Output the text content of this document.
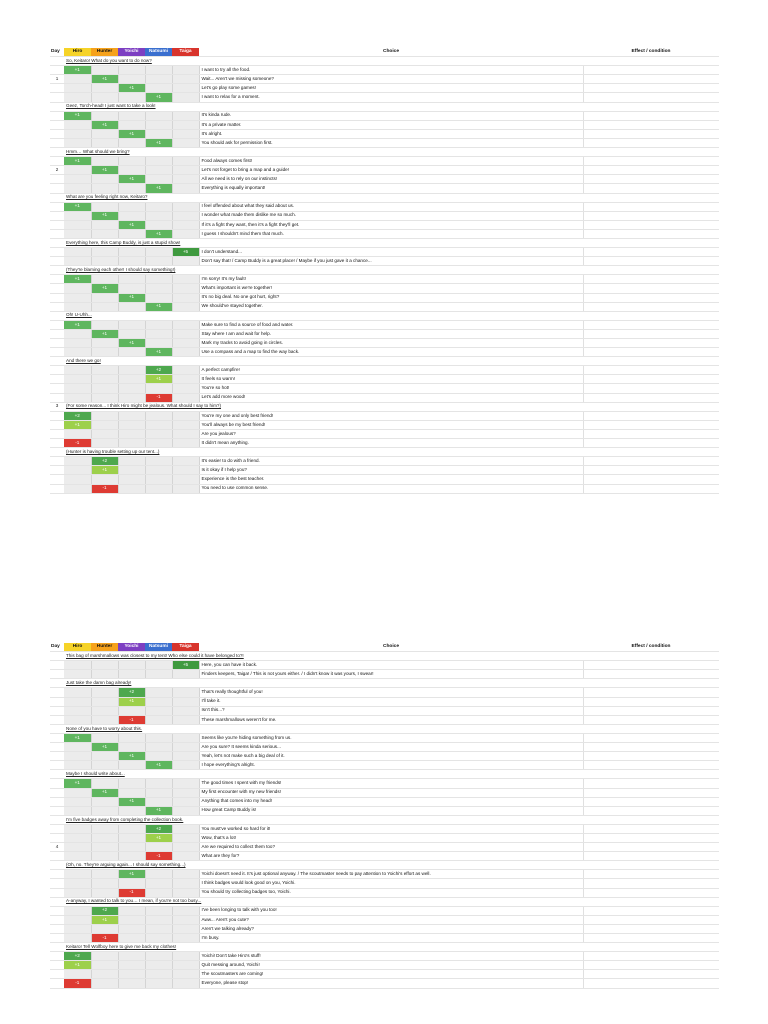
Day	Hiro	Hunter	Yoichi	Natsumi	Taiga	Choice	Effect / condition
	So, Keitaro! What do you want to do now?						
	+1					I want to try all the food.	
1		+1				Wait... Aren't we missing someone?	
			+1			Let's go play some games!	
				+1		I want to relax for a moment.	
	Geez, Torch-head! I just want to take a look!						
	+1					It's kinda rude.	
		+1				It's a private matter.	
			+1			It's alright.	
				+1		You should ask for permission first.	
	Hmm… What should we bring?						
	+1					Food always comes first!	
2		+1				Let's not forget to bring a map and a guide!	
			+1			All we need is to rely on our instincts!	
				+1		Everything is equally important!	
	What are you feeling right now, Keitaro?						
	+1					I feel offended about what they said about us.	
		+1				I wonder what made them dislike me so much.	
			+1			If it's a fight they want, then it's a fight they'll get.	
				+1		I guess I shouldn't mind them that much.	
	Everything here, this Camp Buddy, is just a stupid show!						
					+5	I don't understand...	
						Don't say that! / Camp Buddy is a great place! / Maybe if you just gave it a chance...	
	(They're blaming each other! I should say something!)						
	+1					I'm sorry! It's my fault!	
		+1				What's important is we're together!	
			+1			It's no big deal. No one got hurt, right?	
				+1		We should've stayed together.	
	Oh! U-Uhh...						
	+1					Make sure to find a source of food and water.	
		+1				Stay where I am and wait for help.	
			+1			Mark my tracks to avoid going in circles.	
				+1		Use a compass and a map to find the way back.	
	And there we go!						
				+2		A perfect campfire!	
				+1		It feels so warm!	
						You're so hot!	
				-1		Let's add more wood!	
3	(For some reason... I think Hiro might be jealous. What should I say to him?)						
	+2					You're my one and only best friend!	
	+1					You'll always be my best friend!	
						Are you jealous?	
	-1					It didn't mean anything.	
	(Hunter is having trouble setting up our tent...)						
		+2				It's easier to do with a friend.	
		+1				Is it okay if I help you?	
						Experience is the best teacher.	
		-1				You need to use common sense.	
Day	Hiro	Hunter	Yoichi	Natsumi	Taiga	Choice	Effect / condition
	This bag of marshmallows was closest to my tent! Who else could it have belonged to?!						
					+5	Here, you can have it back.	
						Finders keepers, Taiga! / This is not yours either. / I didn't know it was yours, I swear!	
	Just take the damn bag already!						
			+2			That's really thoughtful of you!	
			+1			I'll take it.	
						Isn't this...?	
			-1			These marshmallows weren't for me.	
	None of you have to worry about this.						
	+1					Seems like you're hiding something from us.	
		+1				Are you sure? It seems kinda serious...	
			+1			Yeah, let's not make such a big deal of it.	
				+1		I hope everything's alright.	
	Maybe I should write about...						
	+1					The good times I spent with my friends!	
		+1				My first encounter with my new friends!	
			+1			Anything that comes into my head!	
				+1		How great Camp Buddy is!	
	I'm five badges away from completing the collection book.						
				+2		You must've worked so hard for it!	
				+1		Wow, that's a lot!	
4						Are we required to collect them too?	
				-1		What are they for?	
	(Oh, no. They're arguing again... I should say something...)						
			+1			Yoichi doesn't need it. It's just optional anyway. / The scoutmaster needs to pay attention to Yoichi's effort as well.	
						I think badges would look good on you, Yoichi.	
			-1			You should try collecting badges too, Yoichi.	
	A-anyway, I wanted to talk to you… I mean, if you're not too busy...						
		+2				I've been longing to talk with you too!	
		+1				Aww... Aren't you cute?	
						Aren't we talking already?	
		-1				I'm busy.	
	Keitaro! Tell Wolfboy here to give me back my clothes!						
	+2					Yoichi! Don't take Hiro's stuff!	
	+1					Quit messing around, Yoichi!	
						The scoutmasters are coming!	
	-1					Everyone, please stop!	
